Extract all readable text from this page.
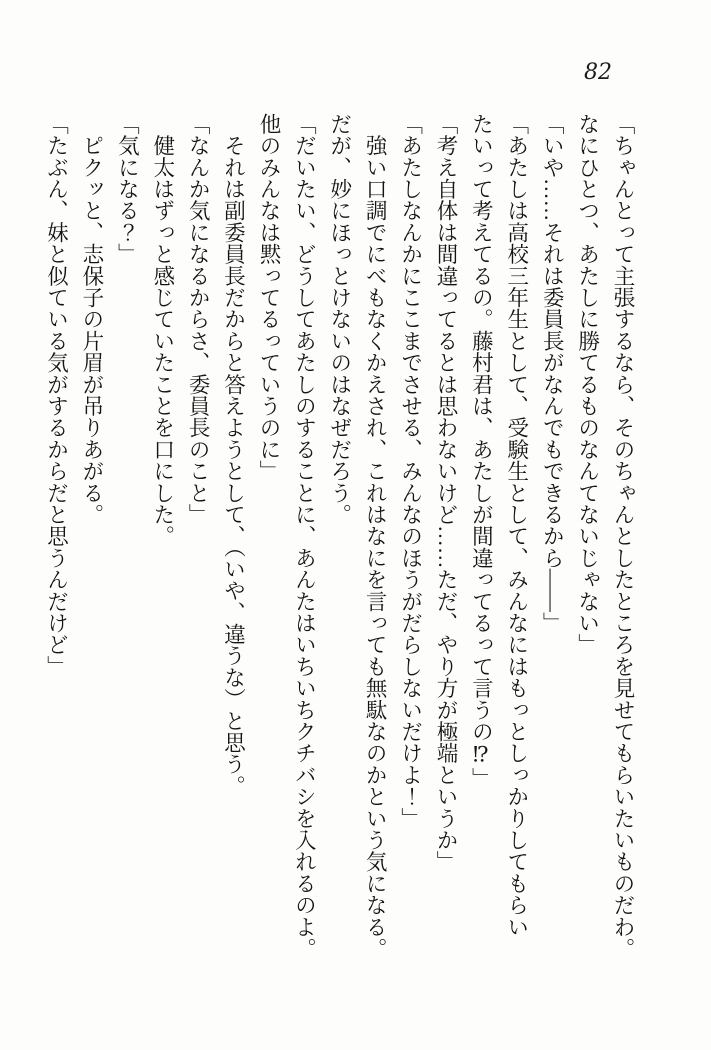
82
「ちゃんとって主張するなら、そのちゃんとしたところを見せてもらいたいものだわ。
なにひとつ、あたしに勝てるものなんてないじゃない」
「いや……それは委員長がなんでもできるから――」
「あたしは高校三年生として、受験生として、みんなにはもっとしっかりしてもらい
たいって考えてるの。藤村君は、あたしが間違ってるって言うの⁉」
「考え自体は間違ってるとは思わないけど……ただ、やり方が極端というか」
「あたしなんかにここまでさせる、みんなのほうがだらしないだけよ！」
　強い口調でにべもなくかえされ、これはなにを言っても無駄なのかという気になる。
だが、妙にほっとけないのはなぜだろう。
「だいたい、どうしてあたしのすることに、あんたはいちいちクチバシを入れるのよ。
他のみんなは黙ってるっていうのに」
　それは副委員長だからと答えようとして、（いや、違うな）と思う。
「なんか気になるからさ、委員長のこと」
　健太はずっと感じていたことを口にした。
「気になる？」
　ピクッと、志保子の片眉が吊りあがる。
「たぶん、妹と似ている気がするからだと思うんだけど」
